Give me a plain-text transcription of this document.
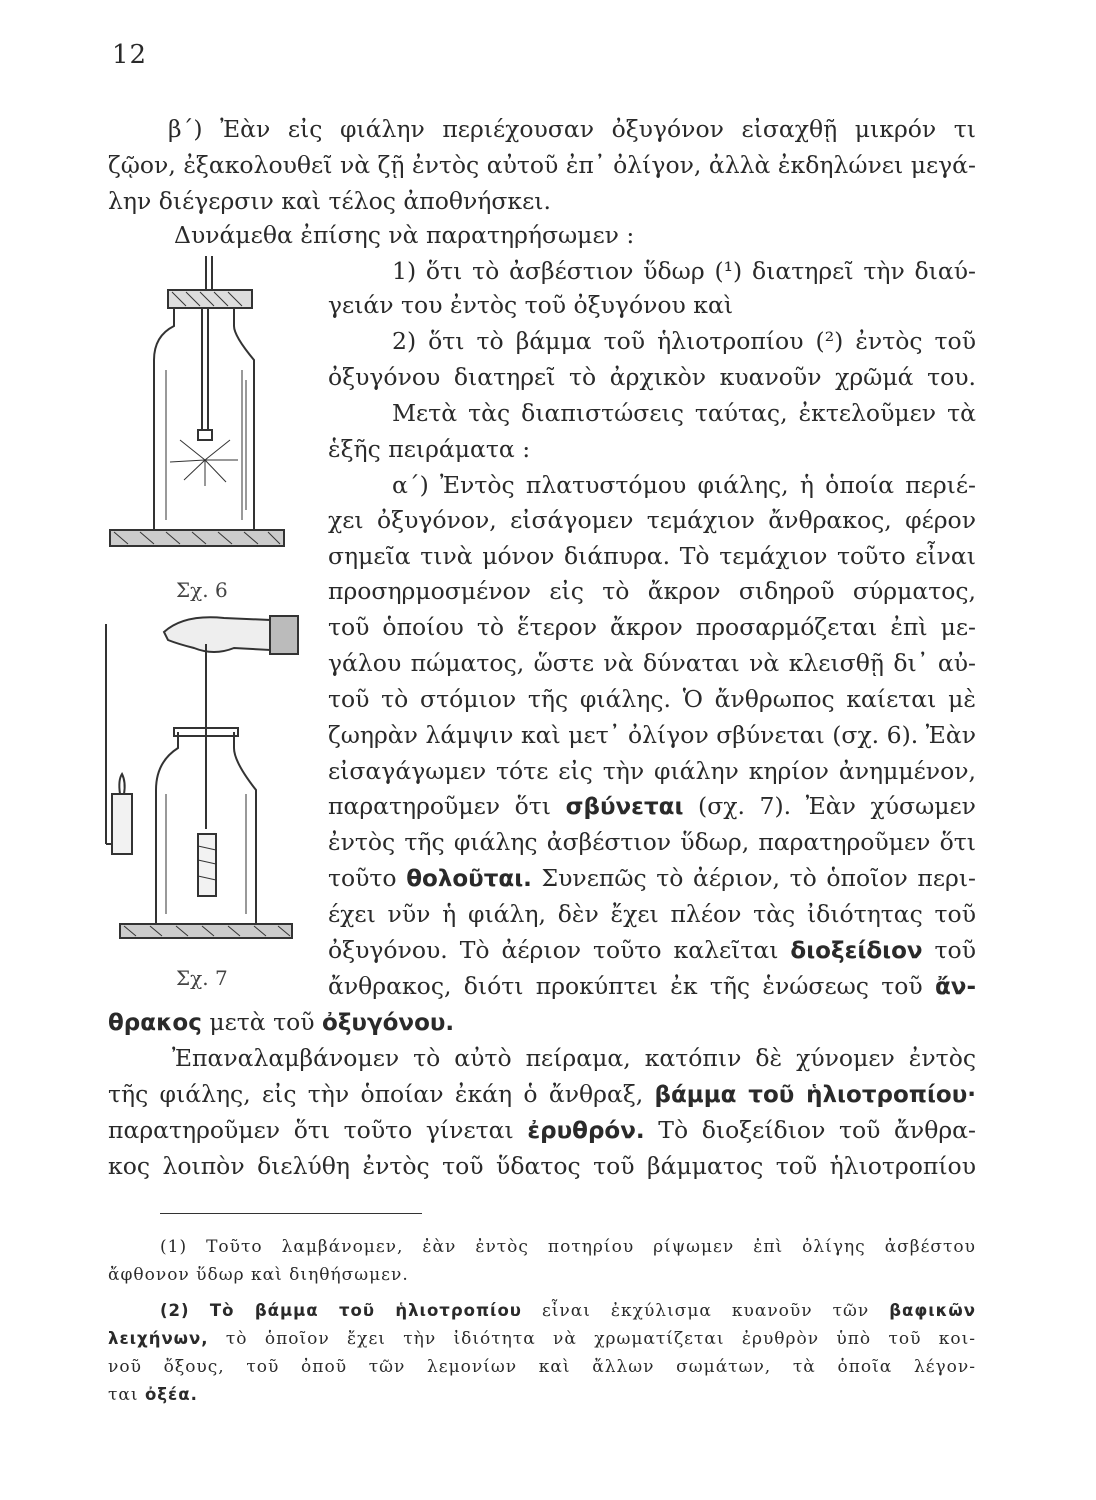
12
β΄) Ἐὰν εἰς φιάλην περιέχουσαν ὀξυγόνον εἰσαχθῇ μικρόν τι
ζῷον, ἐξακολουθεῖ νὰ ζῇ ἐντὸς αὐτοῦ ἐπ᾿ ὀλίγον, ἀλλὰ ἐκδηλώνει μεγά-
λην διέγερσιν καὶ τέλος ἀποθνήσκει.
Δυνάμεθα ἐπίσης νὰ παρατηρήσωμεν :
1) ὅτι τὸ ἀσβέστιον ὕδωρ (¹) διατηρεῖ τὴν διαύ-
γειάν του ἐντὸς τοῦ ὀξυγόνου καὶ
2) ὅτι τὸ βάμμα τοῦ ἡλιοτροπίου (²) ἐντὸς τοῦ
ὀξυγόνου διατηρεῖ τὸ ἀρχικὸν κυανοῦν χρῶμά του.
Μετὰ τὰς διαπιστώσεις ταύτας, ἐκτελοῦμεν τὰ
ἑξῆς πειράματα :
α΄) Ἐντὸς πλατυστόμου φιάλης, ἡ ὁποία περιέ-
χει ὀξυγόνον, εἰσάγομεν τεμάχιον ἄνθρακος, φέρον
σημεῖα τινὰ μόνον διάπυρα. Τὸ τεμάχιον τοῦτο εἶναι
προσηρμοσμένον εἰς τὸ ἄκρον σιδηροῦ σύρματος,
τοῦ ὁποίου τὸ ἕτερον ἄκρον προσαρμόζεται ἐπὶ με-
γάλου πώματος, ὥστε νὰ δύναται νὰ κλεισθῇ δι᾿ αὐ-
τοῦ τὸ στόμιον τῆς φιάλης. Ὁ ἄνθρωπος καίεται μὲ
ζωηρὰν λάμψιν καὶ μετ᾿ ὀλίγον σβύνεται (σχ. 6). Ἐὰν
εἰσαγάγωμεν τότε εἰς τὴν φιάλην κηρίον ἀνημμένον,
παρατηροῦμεν ὅτι σβύνεται (σχ. 7). Ἐὰν χύσωμεν
ἐντὸς τῆς φιάλης ἀσβέστιον ὕδωρ, παρατηροῦμεν ὅτι
τοῦτο θολοῦται. Συνεπῶς τὸ ἀέριον, τὸ ὁποῖον περι-
έχει νῦν ἡ φιάλη, δὲν ἔχει πλέον τὰς ἰδιότητας τοῦ
ὀξυγόνου. Τὸ ἀέριον τοῦτο καλεῖται διοξείδιον τοῦ
ἄνθρακος, διότι προκύπτει ἐκ τῆς ἑνώσεως τοῦ ἄν-
θρακος μετὰ τοῦ ὀξυγόνου.
Ἐπαναλαμβάνομεν τὸ αὐτὸ πείραμα, κατόπιν δὲ χύνομεν ἐντὸς
τῆς φιάλης, εἰς τὴν ὁποίαν ἐκάη ὁ ἄνθραξ, βάμμα τοῦ ἡλιοτροπίου·
παρατηροῦμεν ὅτι τοῦτο γίνεται ἐρυθρόν. Τὸ διοξείδιον τοῦ ἄνθρα-
κος λοιπὸν διελύθη ἐντὸς τοῦ ὕδατος τοῦ βάμματος τοῦ ἡλιοτροπίου
Σχ. 6
Σχ. 7
(1) Τοῦτο λαμβάνομεν, ἐὰν ἐντὸς ποτηρίου ρίψωμεν ἐπὶ ὀλίγης ἀσβέστου
ἄφθονον ὕδωρ καὶ διηθήσωμεν.
(2) Τὸ βάμμα τοῦ ἡλιοτροπίου εἶναι ἐκχύλισμα κυανοῦν τῶν βαφικῶν
λειχήνων, τὸ ὁποῖον ἔχει τὴν ἰδιότητα νὰ χρωματίζεται ἐρυθρὸν ὑπὸ τοῦ κοι-
νοῦ ὄξους, τοῦ ὀποῦ τῶν λεμονίων καὶ ἄλλων σωμάτων, τὰ ὁποῖα λέγον-
ται ὀξέα.
